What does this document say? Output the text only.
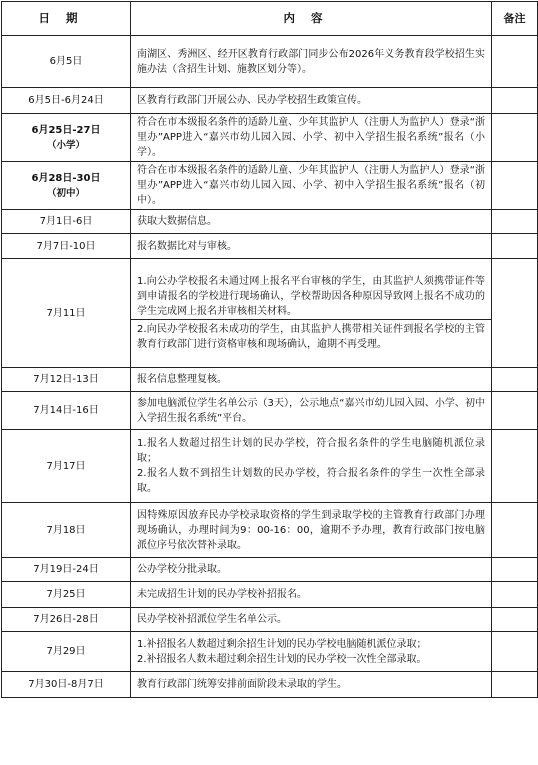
日期	内容	备注

6月5日	南湖区、秀洲区、经开区教育行政部门同步公布2026年义务教育段学校招生实施办法（含招生计划、施教区划分等）。	

6月5日-6月24日	区教育行政部门开展公办、民办学校招生政策宣传。	

6月25日-27日
（小学）	符合在市本级报名条件的适龄儿童、少年其监护人（注册人为监护人）登录“浙里办”APP进入“嘉兴市幼儿园入园、小学、初中入学招生报名系统”报名（小学）。	

6月28日-30日
（初中）	符合在市本级报名条件的适龄儿童、少年其监护人（注册人为监护人）登录“浙里办”APP进入“嘉兴市幼儿园入园、小学、初中入学招生报名系统”报名（初中）。	

7月1日-6日	获取大数据信息。	

7月7日-10日	报名数据比对与审核。	

7月11日	1.向公办学校报名未通过网上报名平台审核的学生，由其监护人须携带证件等到申请报名的学校进行现场确认，学校帮助因各种原因导致网上报名不成功的学生完成网上报名并审核相关材料。
2.向民办学校报名未成功的学生，由其监护人携带相关证件到报名学校的主管教育行政部门进行资格审核和现场确认，逾期不再受理。	

7月12日-13日	报名信息整理复核。	

7月14日-16日	参加电脑派位学生名单公示（3天），公示地点“嘉兴市幼儿园入园、小学、初中入学招生报名系统”平台。	

7月17日	1.报名人数超过招生计划的民办学校，符合报名条件的学生电脑随机派位录取；
2.报名人数不到招生计划数的民办学校，符合报名条件的学生一次性全部录取。	

7月18日	因特殊原因放弃民办学校录取资格的学生到录取学校的主管教育行政部门办理现场确认，办理时间为9：00-16：00，逾期不予办理，教育行政部门按电脑派位序号依次替补录取。	

7月19日-24日	公办学校分批录取。	

7月25日	未完成招生计划的民办学校补招报名。	

7月26日-28日	民办学校补招派位学生名单公示。	

7月29日	1.补招报名人数超过剩余招生计划的民办学校电脑随机派位录取；
2.补招报名人数未超过剩余招生计划的民办学校一次性全部录取。	

7月30日-8月7日	教育行政部门统筹安排前面阶段未录取的学生。	
